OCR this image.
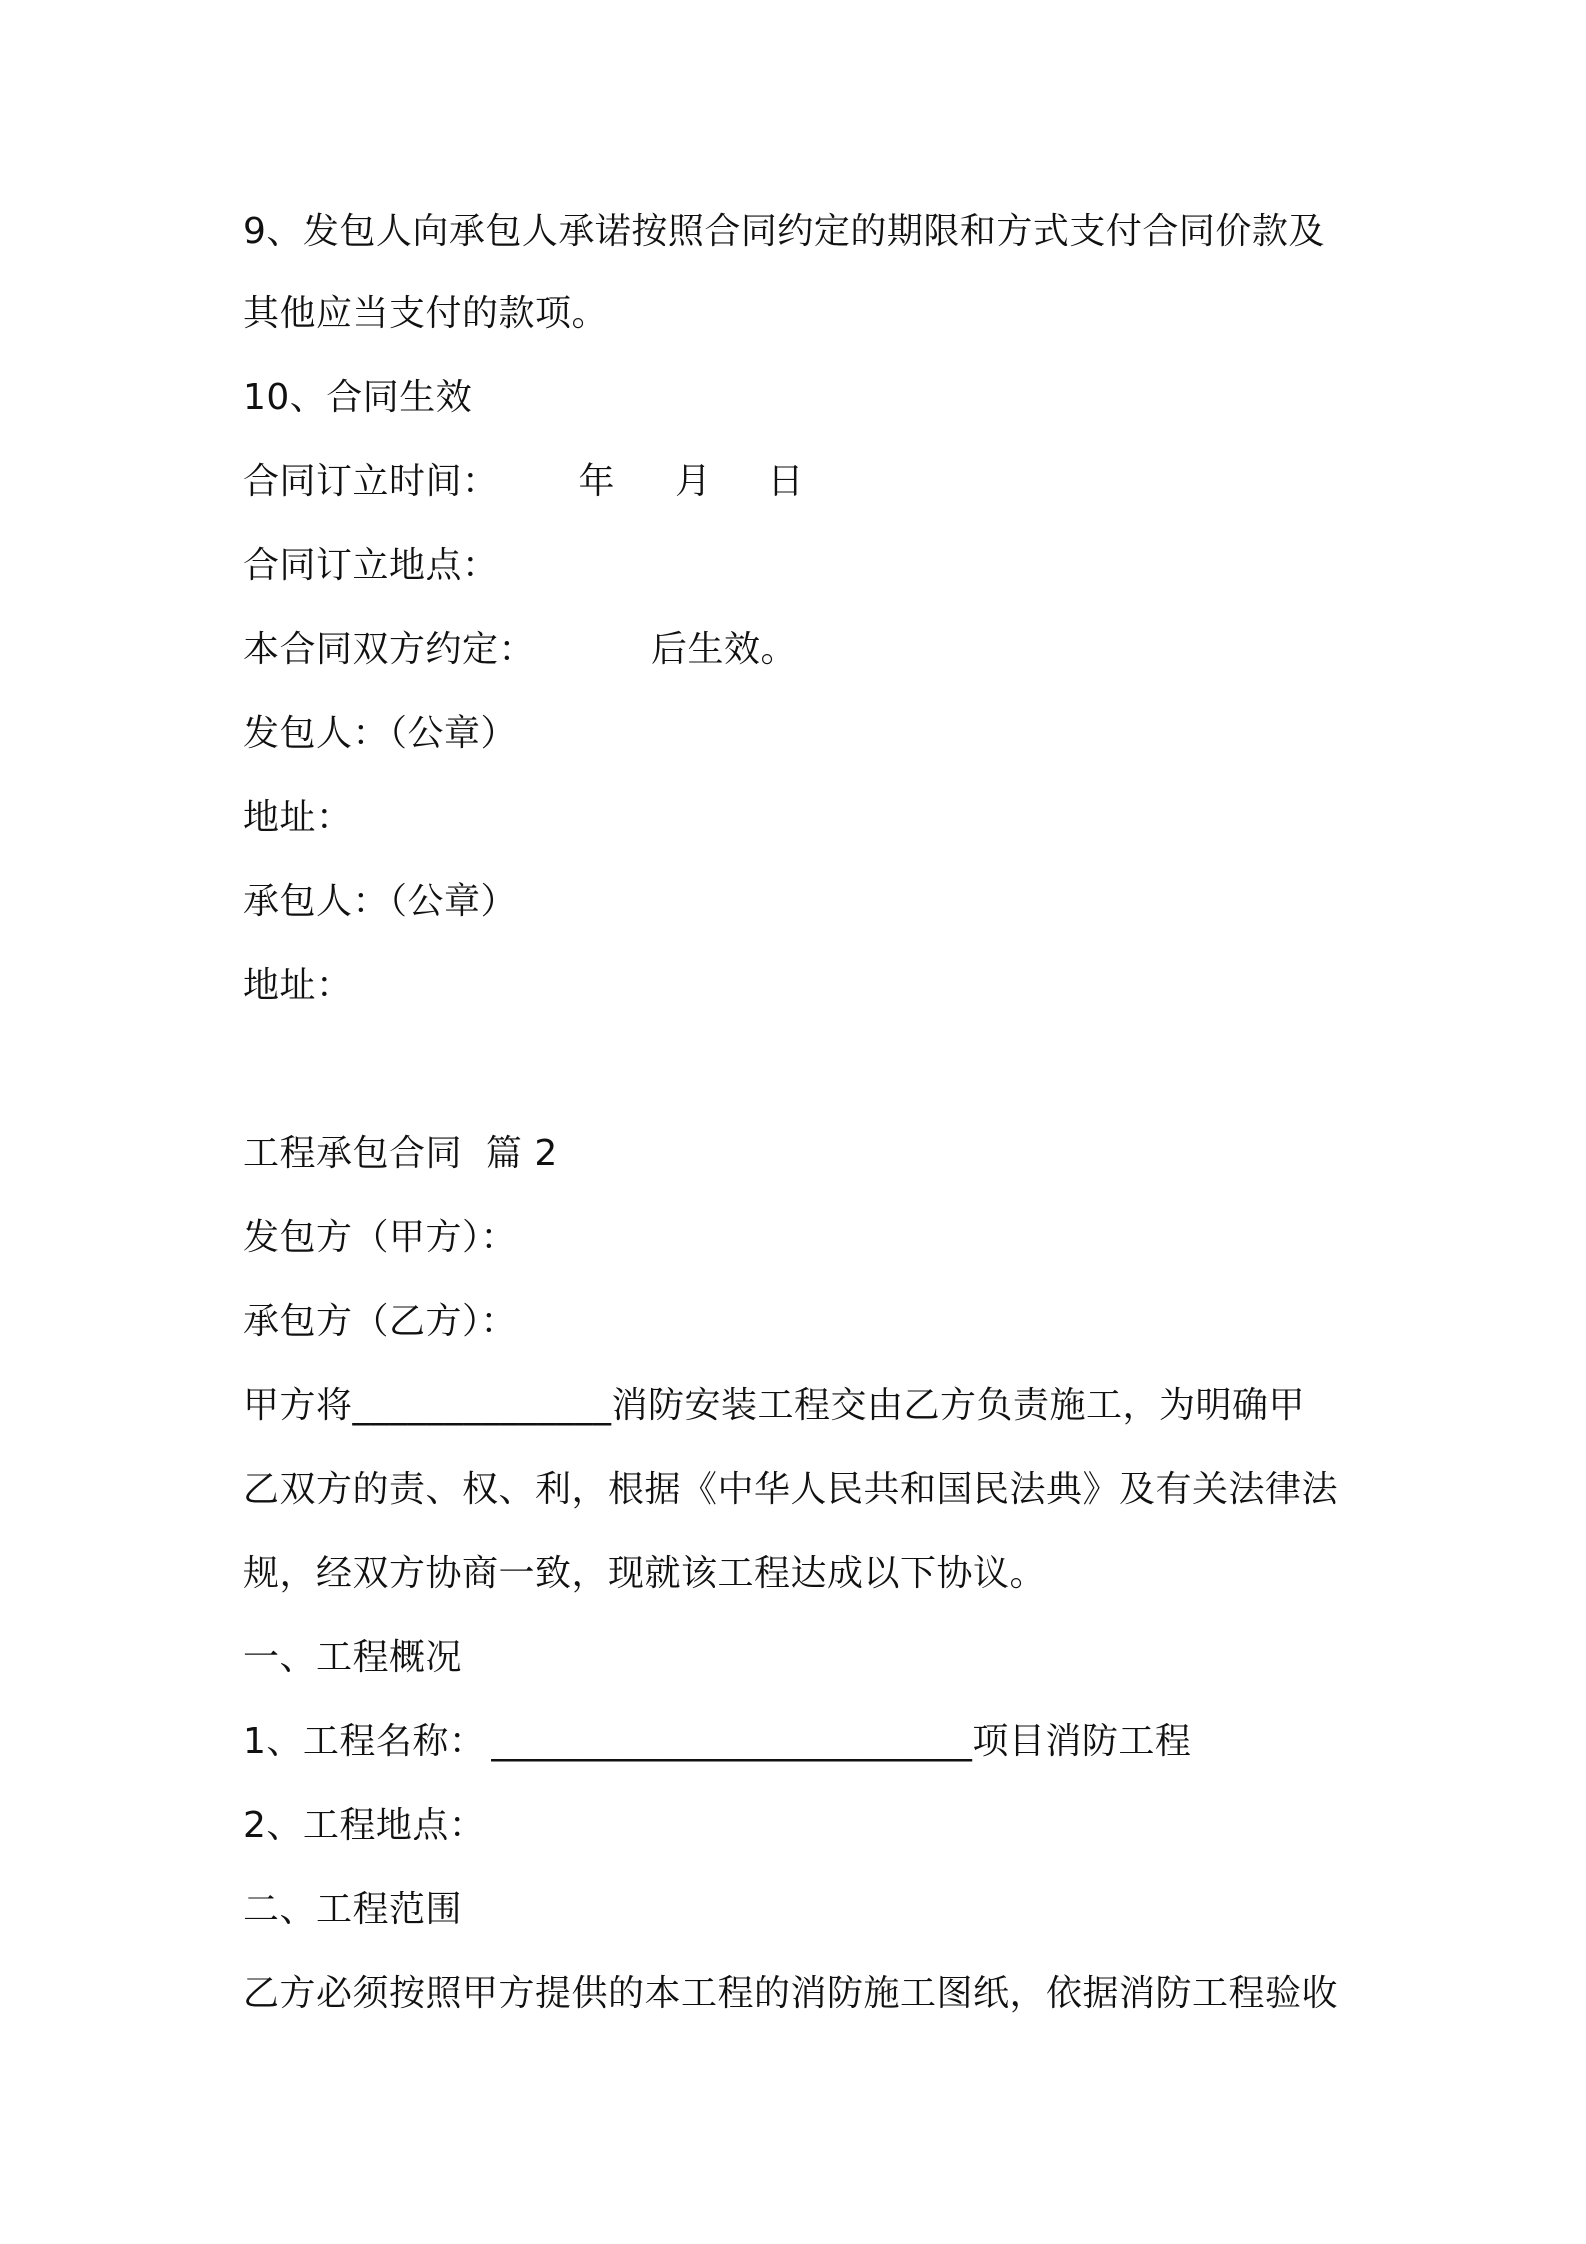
9、发包人向承包人承诺按照合同约定的期限和方式支付合同价款及
其他应当支付的款项。
10、合同生效
合同订立时间： 年 月 日
合同订立地点：
本合同双方约定：	后生效。
发包人：（公章）
地址：
承包人：（公章）
地址：
工程承包合同  篇 2
发包方（甲方）：
承包方（乙方）：
甲方将______________消防安装工程交由乙方负责施工，为明确甲
乙双方的责、权、利，根据《中华人民共和国民法典》及有关法律法
规，经双方协商一致，现就该工程达成以下协议。
一、工程概况
1、工程名称： __________________________项目消防工程
2、工程地点：
二、工程范围
乙方必须按照甲方提供的本工程的消防施工图纸，依据消防工程验收
